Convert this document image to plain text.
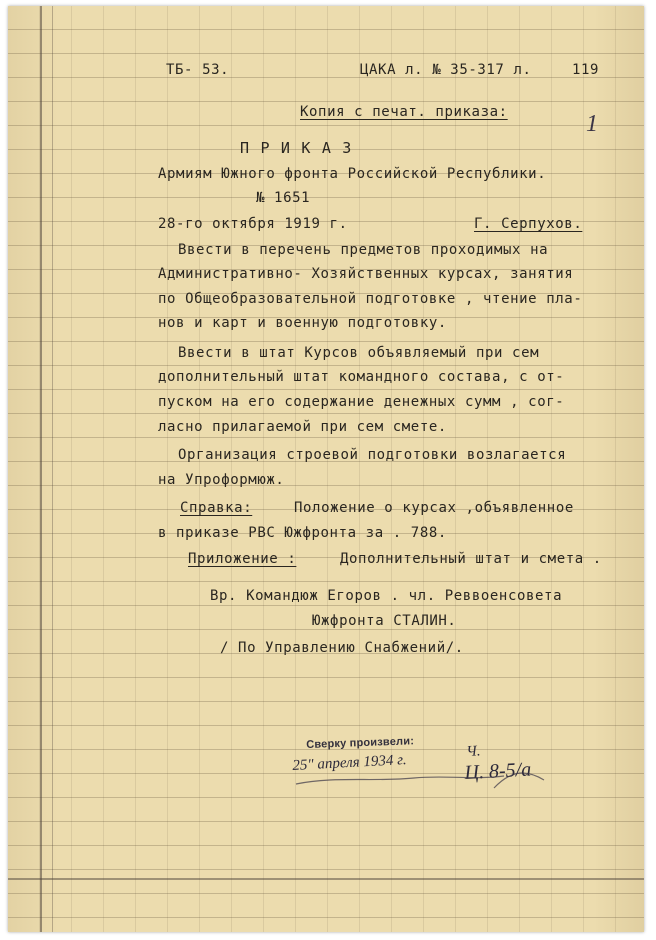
ТБ- 53.	ЦАКА л. № 35-317 л.	119
Копия с печат. приказа:	1
П Р И К А З
Армиям Южного фронта Российской Республики.
№ 1651
28-го октября 1919 г.	Г. Серпухов.
Ввести в перечень предметов проходимых на
Административно- Хозяйственных курсах, занятия
по Общеобразовательной подготовке , чтение пла-
нов и карт и военную подготовку.
Ввести в штат Курсов объявляемый при сем
дополнительный штат командного состава, с от-
пуском на его содержание денежных сумм , сог-
ласно прилагаемой при сем смете.
Организация строевой подготовки возлагается
на Упроформюж.
Справка:	Положение о курсах ,объявленное
в приказе РВС Южфронта за . 788.
Приложение :	Дополнительный штат и смета .
Вр. Командюж Егоров . чл. Реввоенсовета
Южфронта СТАЛИН.
/ По Управлению Снабжений/.
Сверку произвели:
25" апреля 1934 г.
Ч.
Ц. 8-5/а
